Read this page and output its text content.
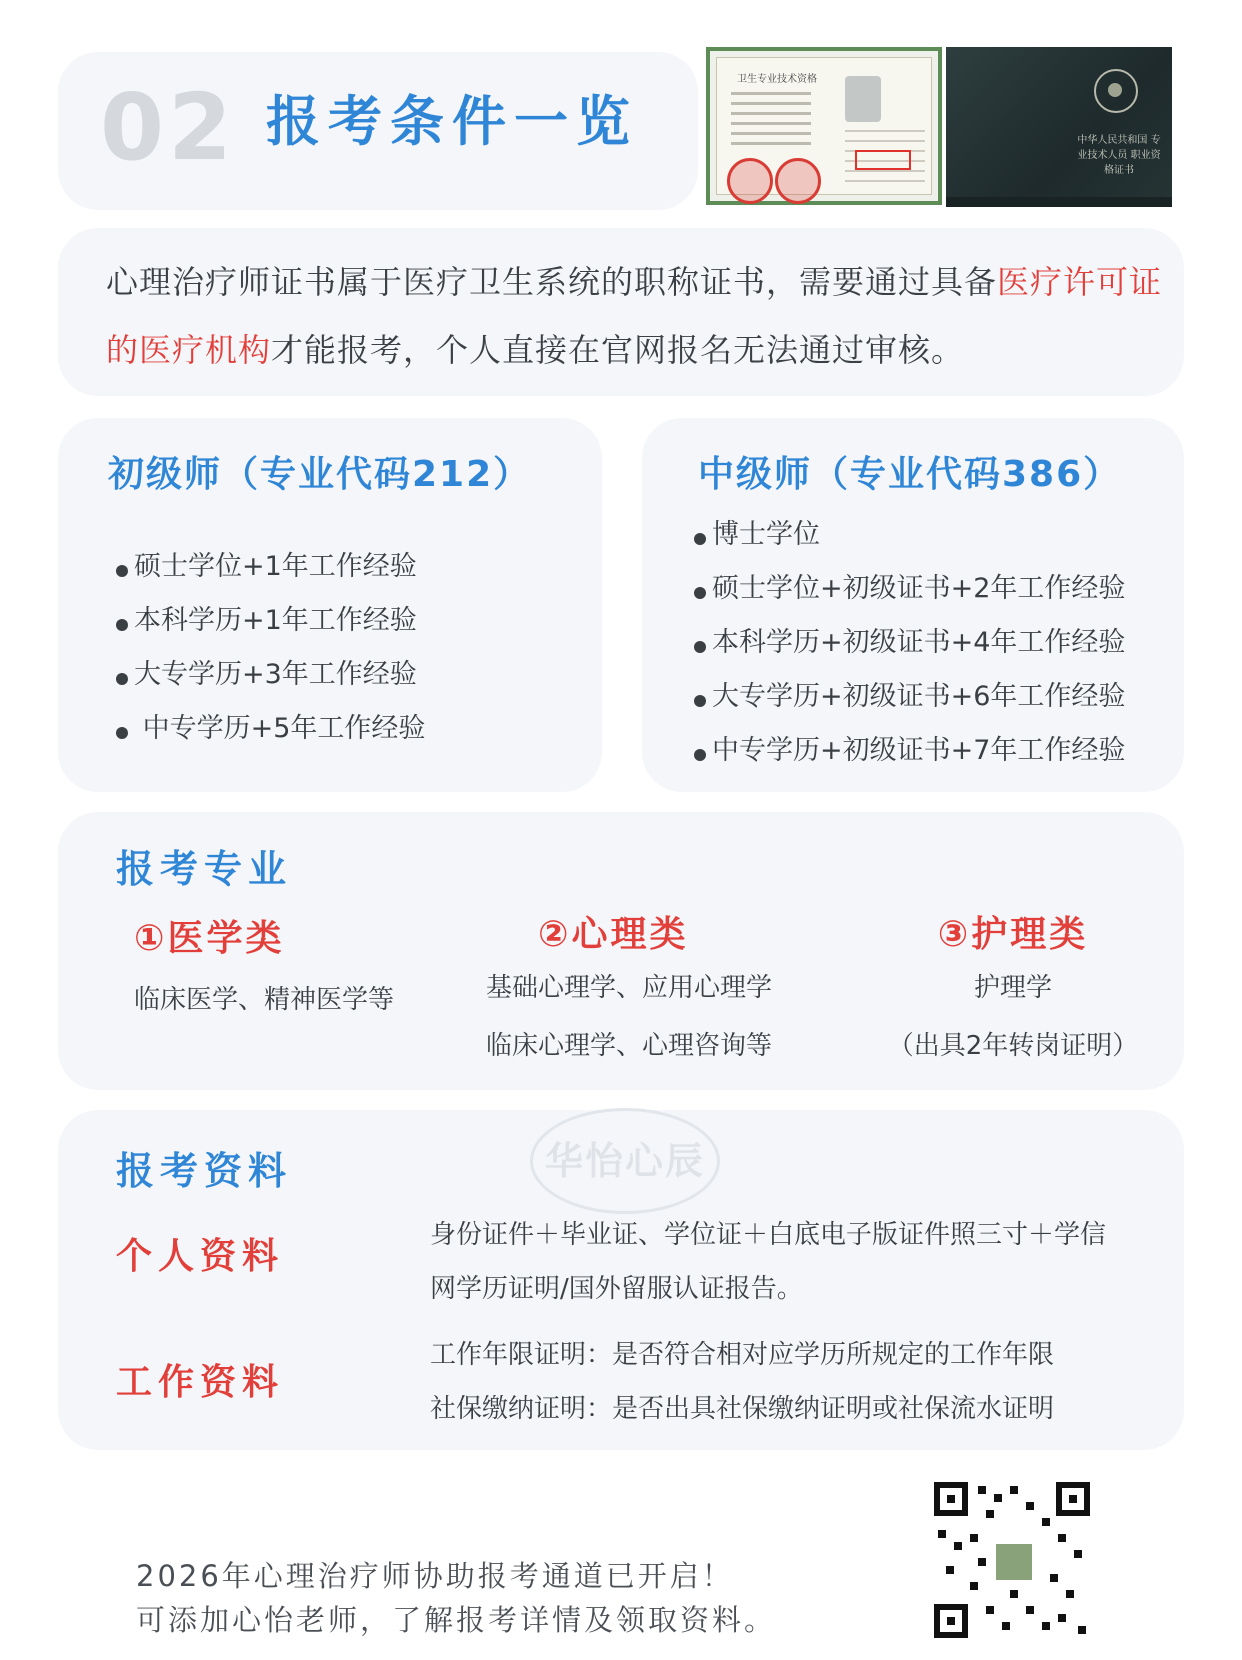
02 报考条件一览
卫生专业技术资格
中华人民共和国 专业技术人员 职业资格证书
心理治疗师证书属于医疗卫生系统的职称证书，需要通过具备医疗许可证的医疗机构才能报考，个人直接在官网报名无法通过审核。
初级师（专业代码212）
硕士学位+1年工作经验
本科学历+1年工作经验
大专学历+3年工作经验
中专学历+5年工作经验
中级师（专业代码386）
博士学位
硕士学位+初级证书+2年工作经验
本科学历+初级证书+4年工作经验
大专学历+初级证书+6年工作经验
中专学历+初级证书+7年工作经验
报考专业
①医学类
临床医学、精神医学等
②心理类
基础心理学、应用心理学
临床心理学、心理咨询等
③护理类
护理学
（出具2年转岗证明）
华怡心辰
报考资料
个人资料
身份证件＋毕业证、学位证＋白底电子版证件照三寸＋学信网学历证明/国外留服认证报告。
工作资料
工作年限证明：是否符合相对应学历所规定的工作年限
社保缴纳证明：是否出具社保缴纳证明或社保流水证明
2026年心理治疗师协助报考通道已开启！
可添加心怡老师，了解报考详情及领取资料。
